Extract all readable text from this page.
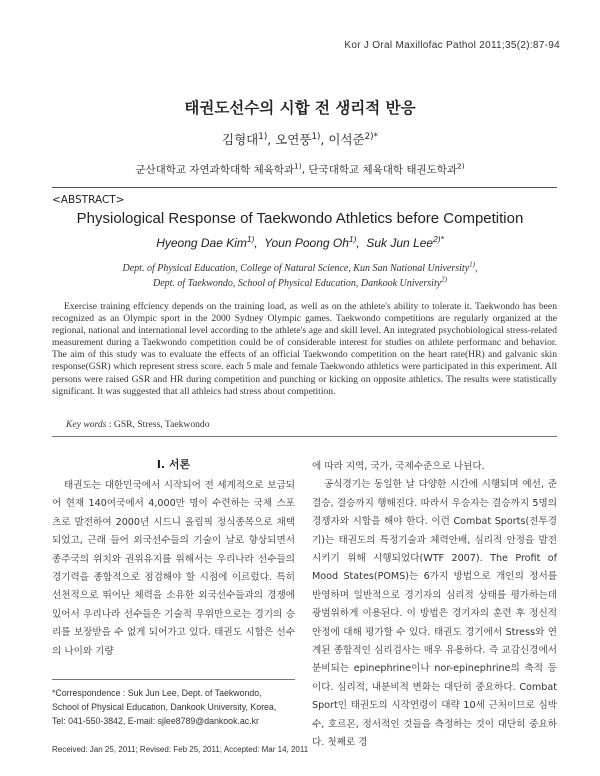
Kor J Oral Maxillofac Pathol 2011;35(2):87-94
태권도선수의 시합 전 생리적 반응
김형대$^{1)}$, 오연풍$^{1)}$, 이석준$^{2)*}$
군산대학교 자연과학대학 체육학과$^{1)}$, 단국대학교 체육대학 태권도학과$^{2)}$
<ABSTRACT>
Physiological Response of Taekwondo Athletics before Competition
Hyeong Dae Kim$^{1)}$,  Youn Poong Oh$^{1)}$,  Suk Jun Lee$^{2)*}$
Dept. of Physical Education, College of Natural Science, Kun San National University$^{1)}$,
Dept. of Taekwondo, School of Physical Education, Dankook University$^{2)}$

Exercise training effciency depends on the training load, as well as on the athlete's ability to tolerate it. Taekwondo has been recognized as an Olympic sport in the 2000 Sydney Olympic games. Taekwondo competitions are regularly organized at the regional, national and international level according to the athlete's age and skill level. An integrated psychobiological stress-related measurement during a Taekwondo competition could be of considerable interest for studies on athlete performanc and behavior. The aim of this study was to evaluate the effects of an official Taekwondo competition on the heart rate(HR) and galvanic skin response(GSR) which represent stress score. each 5 male and female Taekwondo athletics were participated in this experiment. All persons were raised GSR and HR during competition and punching or kicking on opposite athletics. The results were statistically significant. It was suggested that all athleics had stress about competition.

Key words : GSR, Stress, Taekwondo
I. 서론

태권도는 대한민국에서 시작되어 전 세계적으로 보급되어 현재 140여국에서 4,000만 명이 수련하는 국제 스포츠로 발전하여 2000년 시드니 올림픽 정식종목으로 채택되었고, 근래 들어 외국선수들의 기술이 날로 향상되면서 종주국의 위치와 권위유지를 위해서는 우리나라 선수들의 경기력을 종합적으로 점검해야 할 시점에 이르렀다. 특히 선천적으로 뛰어난 체력을 소유한 외국선수들과의 경쟁에 있어서 우리나라 선수들은 기술적 우위만으로는 경기의 승리를 보장받을 수 없게 되어가고 있다. 태권도 시합은 선수의 나이와 기량

에 따라 지역, 국가, 국제수준으로 나뉜다.

공식경기는 동일한 날 다양한 시간에 시행되며 예선, 준결승, 결승까지 행해진다. 따라서 우승자는 결승까지 5명의 경쟁자와 시합을 해야 한다. 이런 Combat Sports(전투경기)는 태권도의 특정기술과 체력안배, 심리적 안정을 발전시키기 위해 시행되었다(WTF 2007). The Profit of Mood States(POMS)는 6가지 방법으로 개인의 정서를 반영하며 일반적으로 경기자의 심리적 상태를 평가하는데 광범위하게 이용된다. 이 방법은 경기자의 훈련 후 정신적 안정에 대해 평가할 수 있다. 태권도 경기에서 Stress와 연계된 종합적인 심리검사는 매우 유용하다. 즉 교감신경에서 분비되는 epinephrine이나 nor-epinephrine의 축적 등 이다. 심리적, 내분비적 변화는 대단히 중요하다. Combat Sport인 태권도의 시작연령이 대략 10세 근처이므로 심박수, 호르몬, 정서적인 것들을 측정하는 것이 대단히 중요하다. 첫째로 경

*Correspondence : Suk Jun Lee, Dept. of Taekwondo,
School of Physical Education, Dankook University, Korea,
Tel: 041-550-3842, E-mail: sjlee8789@dankook.ac.kr
Received: Jan 25, 2011; Revised: Feb 25, 2011; Accepted: Mar 14, 2011
